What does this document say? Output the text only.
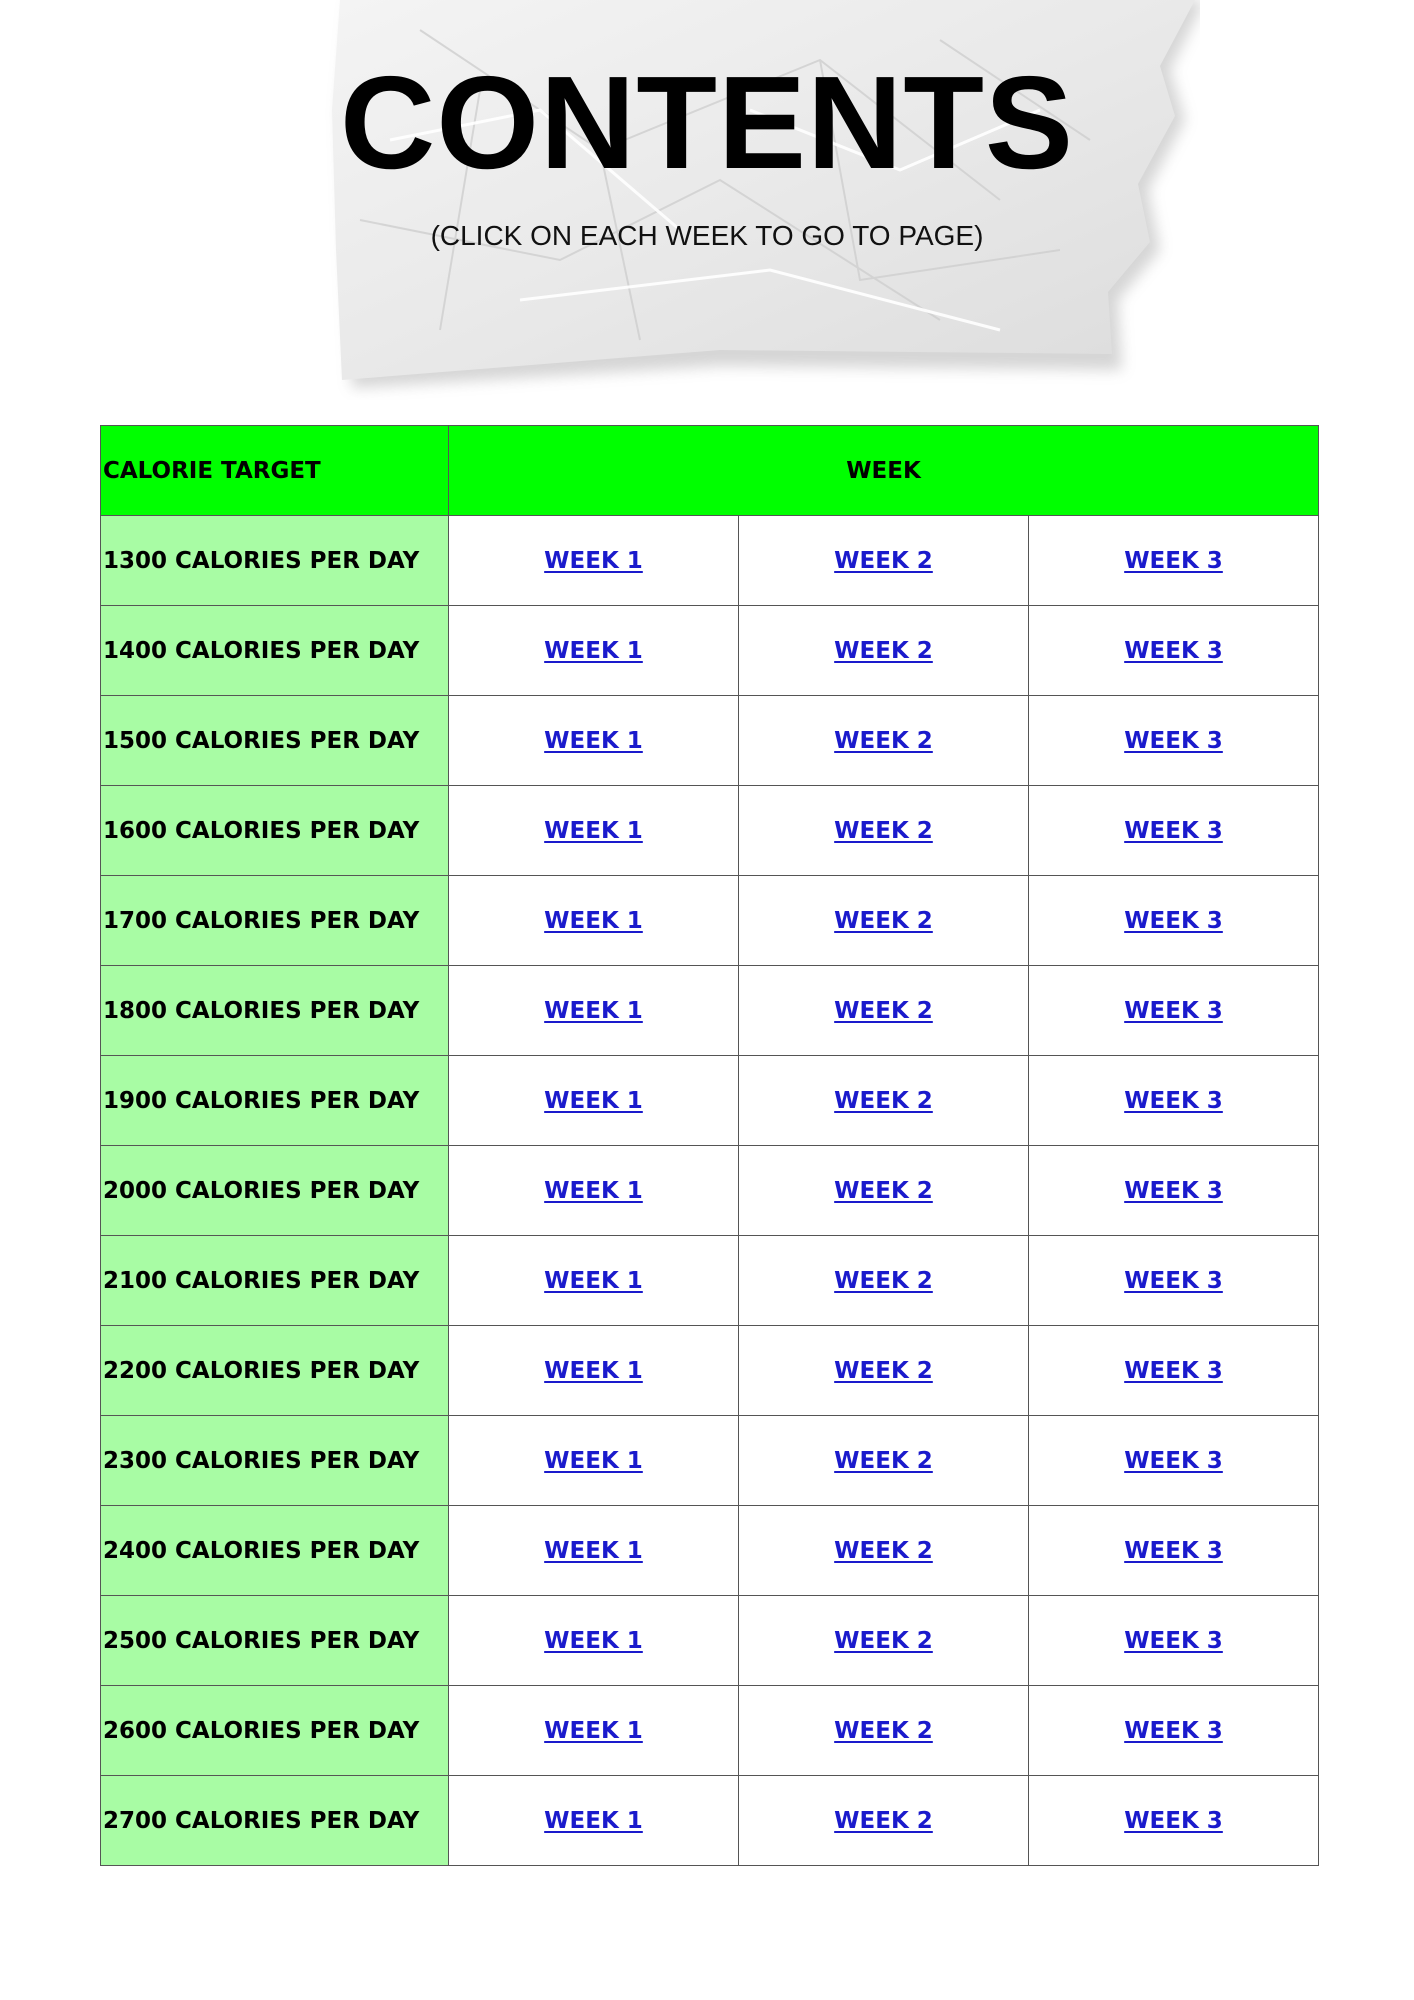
CONTENTS
(CLICK ON EACH WEEK TO GO TO PAGE)
CALORIE TARGET	WEEK		
1300 CALORIES PER DAY	WEEK 1	WEEK 2	WEEK 3
1400 CALORIES PER DAY	WEEK 1	WEEK 2	WEEK 3
1500 CALORIES PER DAY	WEEK 1	WEEK 2	WEEK 3
1600 CALORIES PER DAY	WEEK 1	WEEK 2	WEEK 3
1700 CALORIES PER DAY	WEEK 1	WEEK 2	WEEK 3
1800 CALORIES PER DAY	WEEK 1	WEEK 2	WEEK 3
1900 CALORIES PER DAY	WEEK 1	WEEK 2	WEEK 3
2000 CALORIES PER DAY	WEEK 1	WEEK 2	WEEK 3
2100 CALORIES PER DAY	WEEK 1	WEEK 2	WEEK 3
2200 CALORIES PER DAY	WEEK 1	WEEK 2	WEEK 3
2300 CALORIES PER DAY	WEEK 1	WEEK 2	WEEK 3
2400 CALORIES PER DAY	WEEK 1	WEEK 2	WEEK 3
2500 CALORIES PER DAY	WEEK 1	WEEK 2	WEEK 3
2600 CALORIES PER DAY	WEEK 1	WEEK 2	WEEK 3
2700 CALORIES PER DAY	WEEK 1	WEEK 2	WEEK 3
